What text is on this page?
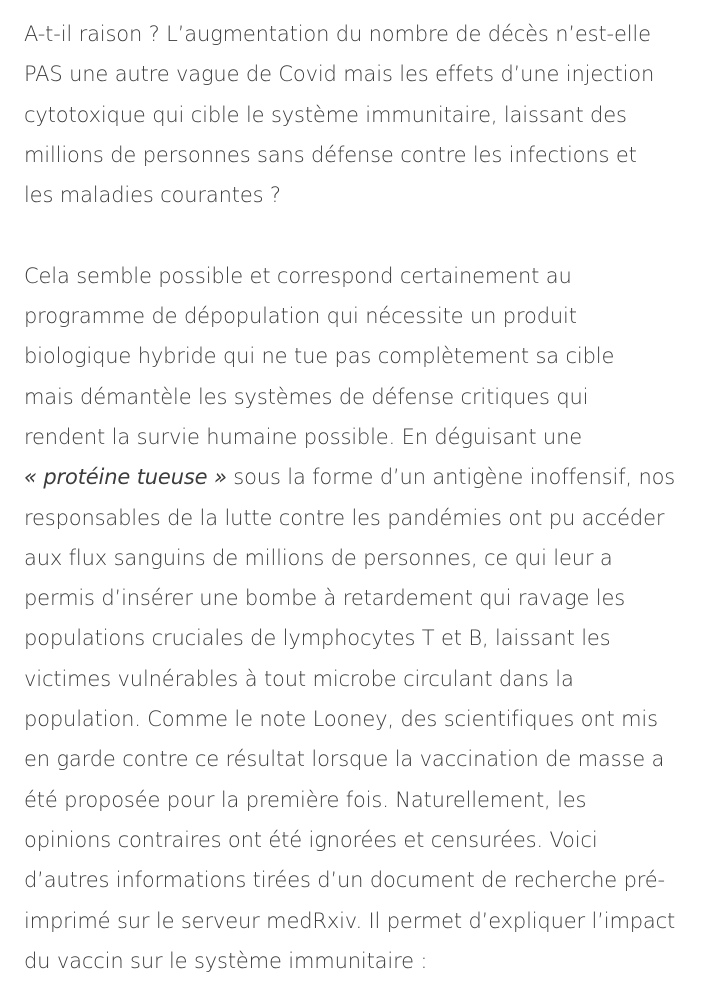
A-t-il raison ? L’augmentation du nombre de décès n’est-elle
PAS une autre vague de Covid mais les effets d’une injection
cytotoxique qui cible le système immunitaire, laissant des
millions de personnes sans défense contre les infections et
les maladies courantes ?

Cela semble possible et correspond certainement au
programme de dépopulation qui nécessite un produit
biologique hybride qui ne tue pas complètement sa cible
mais démantèle les systèmes de défense critiques qui
rendent la survie humaine possible. En déguisant une
« protéine tueuse » sous la forme d’un antigène inoffensif, nos
responsables de la lutte contre les pandémies ont pu accéder
aux flux sanguins de millions de personnes, ce qui leur a
permis d’insérer une bombe à retardement qui ravage les
populations cruciales de lymphocytes T et B, laissant les
victimes vulnérables à tout microbe circulant dans la
population. Comme le note Looney, des scientifiques ont mis
en garde contre ce résultat lorsque la vaccination de masse a
été proposée pour la première fois. Naturellement, les
opinions contraires ont été ignorées et censurées. Voici
d’autres informations tirées d’un document de recherche pré-
imprimé sur le serveur medRxiv. Il permet d’expliquer l’impact
du vaccin sur le système immunitaire :
